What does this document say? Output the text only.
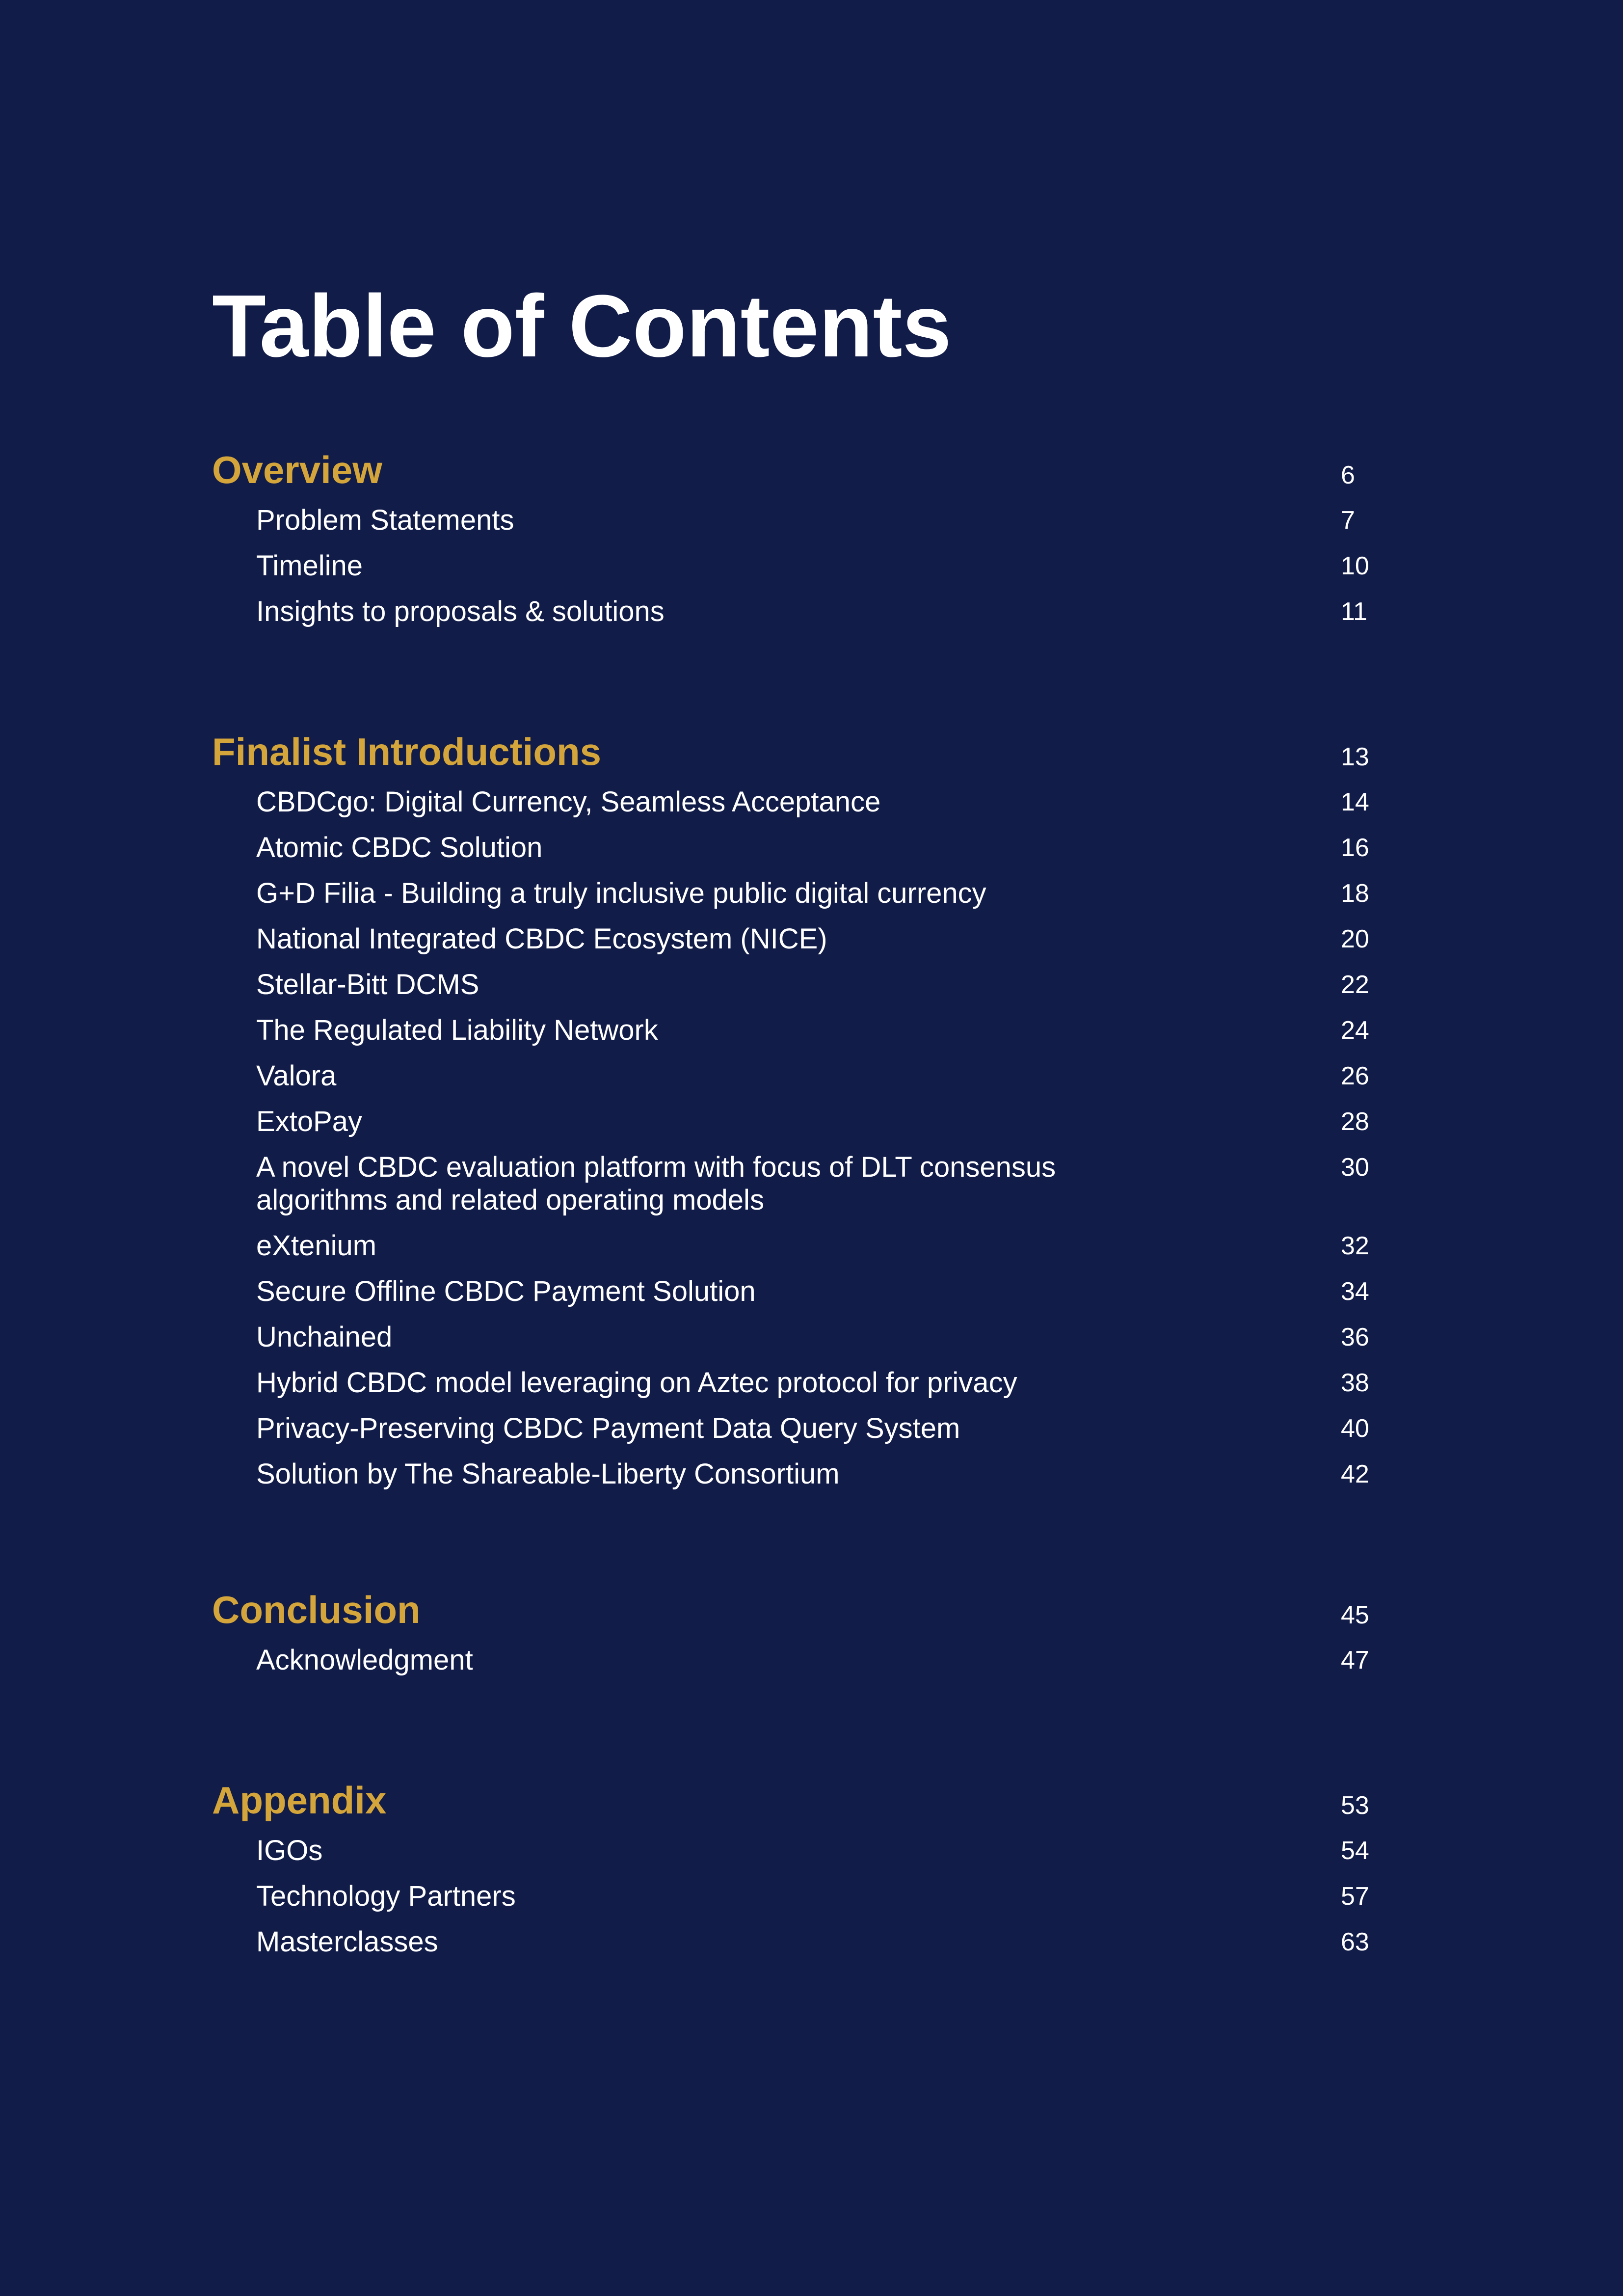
Table of Contents
Overview	6
Problem Statements	7
Timeline	10
Insights to proposals & solutions	11
Finalist Introductions	13
CBDCgo: Digital Currency, Seamless Acceptance	14
Atomic CBDC Solution	16
G+D Filia - Building a truly inclusive public digital currency	18
National Integrated CBDC Ecosystem (NICE)	20
Stellar-Bitt DCMS	22
The Regulated Liability Network	24
Valora	26
ExtoPay	28
A novel CBDC evaluation platform with focus of DLT consensus	30
algorithms and related operating models
eXtenium	32
Secure Offline CBDC Payment Solution	34
Unchained	36
Hybrid CBDC model leveraging on Aztec protocol for privacy	38
Privacy-Preserving CBDC Payment Data Query System	40
Solution by The Shareable-Liberty Consortium	42
Conclusion	45
Acknowledgment	47
Appendix	53
IGOs	54
Technology Partners	57
Masterclasses	63
